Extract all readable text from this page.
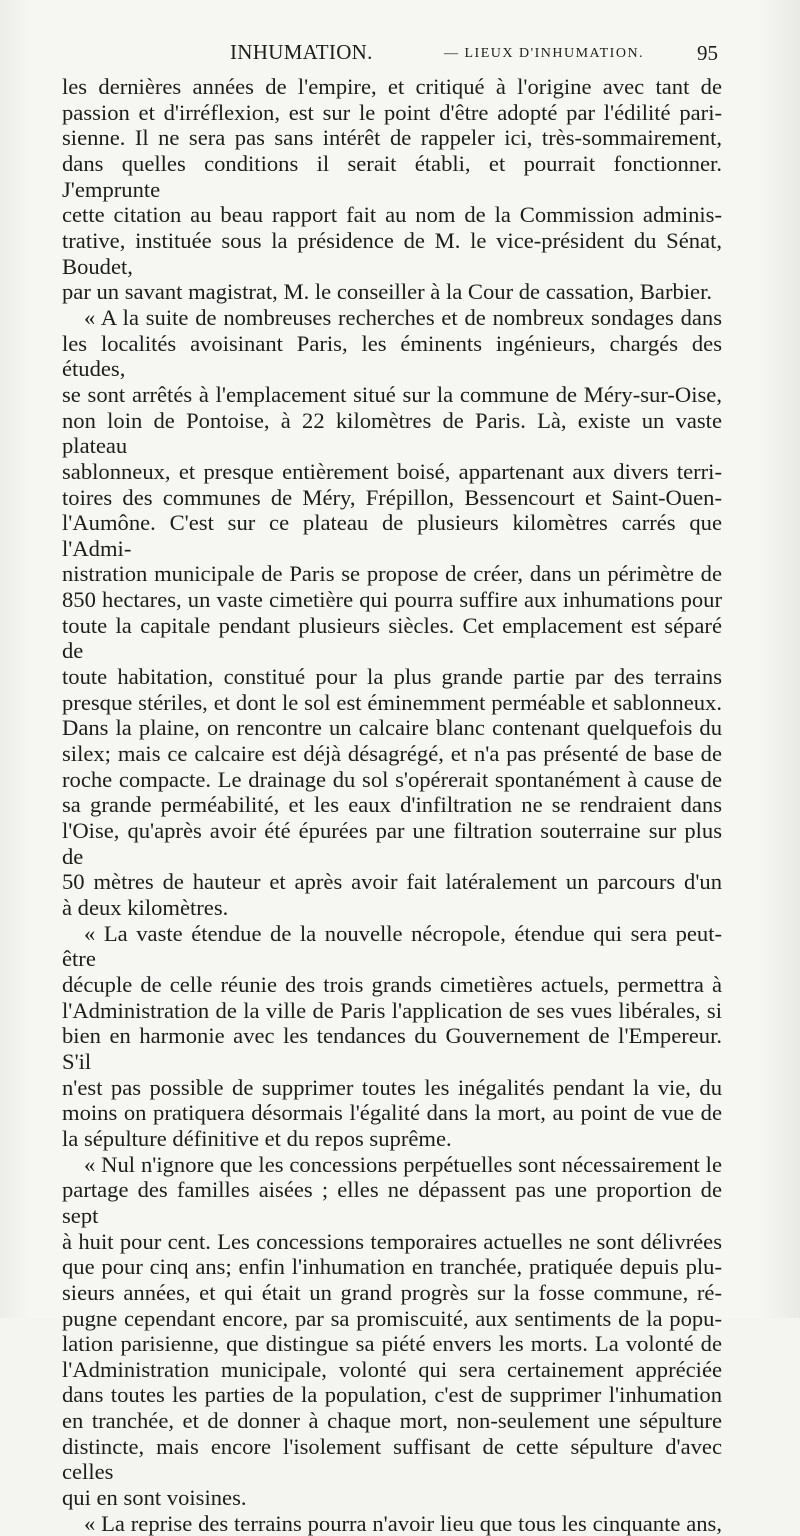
INHUMATION.	— LIEUX D'INHUMATION.	95

les dernières années de l'empire, et critiqué à l'origine avec tant de

passion et d'irréflexion, est sur le point d'être adopté par l'édilité pari-

sienne. Il ne sera pas sans intérêt de rappeler ici, très-sommairement,

dans quelles conditions il serait établi, et pourrait fonctionner. J'emprunte

cette citation au beau rapport fait au nom de la Commission adminis-

trative, instituée sous la présidence de M. le vice-président du Sénat, Boudet,

par un savant magistrat, M. le conseiller à la Cour de cassation, Barbier.

« A la suite de nombreuses recherches et de nombreux sondages dans

les localités avoisinant Paris, les éminents ingénieurs, chargés des études,

se sont arrêtés à l'emplacement situé sur la commune de Méry-sur-Oise,

non loin de Pontoise, à 22 kilomètres de Paris. Là, existe un vaste plateau

sablonneux, et presque entièrement boisé, appartenant aux divers terri-

toires des communes de Méry, Frépillon, Bessencourt et Saint-Ouen-

l'Aumône. C'est sur ce plateau de plusieurs kilomètres carrés que l'Admi-

nistration municipale de Paris se propose de créer, dans un périmètre de

850 hectares, un vaste cimetière qui pourra suffire aux inhumations pour

toute la capitale pendant plusieurs siècles. Cet emplacement est séparé de

toute habitation, constitué pour la plus grande partie par des terrains

presque stériles, et dont le sol est éminemment perméable et sablonneux.

Dans la plaine, on rencontre un calcaire blanc contenant quelquefois du

silex; mais ce calcaire est déjà désagrégé, et n'a pas présenté de base de

roche compacte. Le drainage du sol s'opérerait spontanément à cause de

sa grande perméabilité, et les eaux d'infiltration ne se rendraient dans

l'Oise, qu'après avoir été épurées par une filtration souterraine sur plus de

50 mètres de hauteur et après avoir fait latéralement un parcours d'un

à deux kilomètres.

« La vaste étendue de la nouvelle nécropole, étendue qui sera peut-être

décuple de celle réunie des trois grands cimetières actuels, permettra à

l'Administration de la ville de Paris l'application de ses vues libérales, si

bien en harmonie avec les tendances du Gouvernement de l'Empereur. S'il

n'est pas possible de supprimer toutes les inégalités pendant la vie, du

moins on pratiquera désormais l'égalité dans la mort, au point de vue de

la sépulture définitive et du repos suprême.

« Nul n'ignore que les concessions perpétuelles sont nécessairement le

partage des familles aisées ; elles ne dépassent pas une proportion de sept

à huit pour cent. Les concessions temporaires actuelles ne sont délivrées

que pour cinq ans; enfin l'inhumation en tranchée, pratiquée depuis plu-

sieurs années, et qui était un grand progrès sur la fosse commune, ré-

pugne cependant encore, par sa promiscuité, aux sentiments de la popu-

lation parisienne, que distingue sa piété envers les morts. La volonté de

l'Administration municipale, volonté qui sera certainement appréciée

dans toutes les parties de la population, c'est de supprimer l'inhumation

en tranchée, et de donner à chaque mort, non-seulement une sépulture

distincte, mais encore l'isolement suffisant de cette sépulture d'avec celles

qui en sont voisines.

« La reprise des terrains pourra n'avoir lieu que tous les cinquante ans,
